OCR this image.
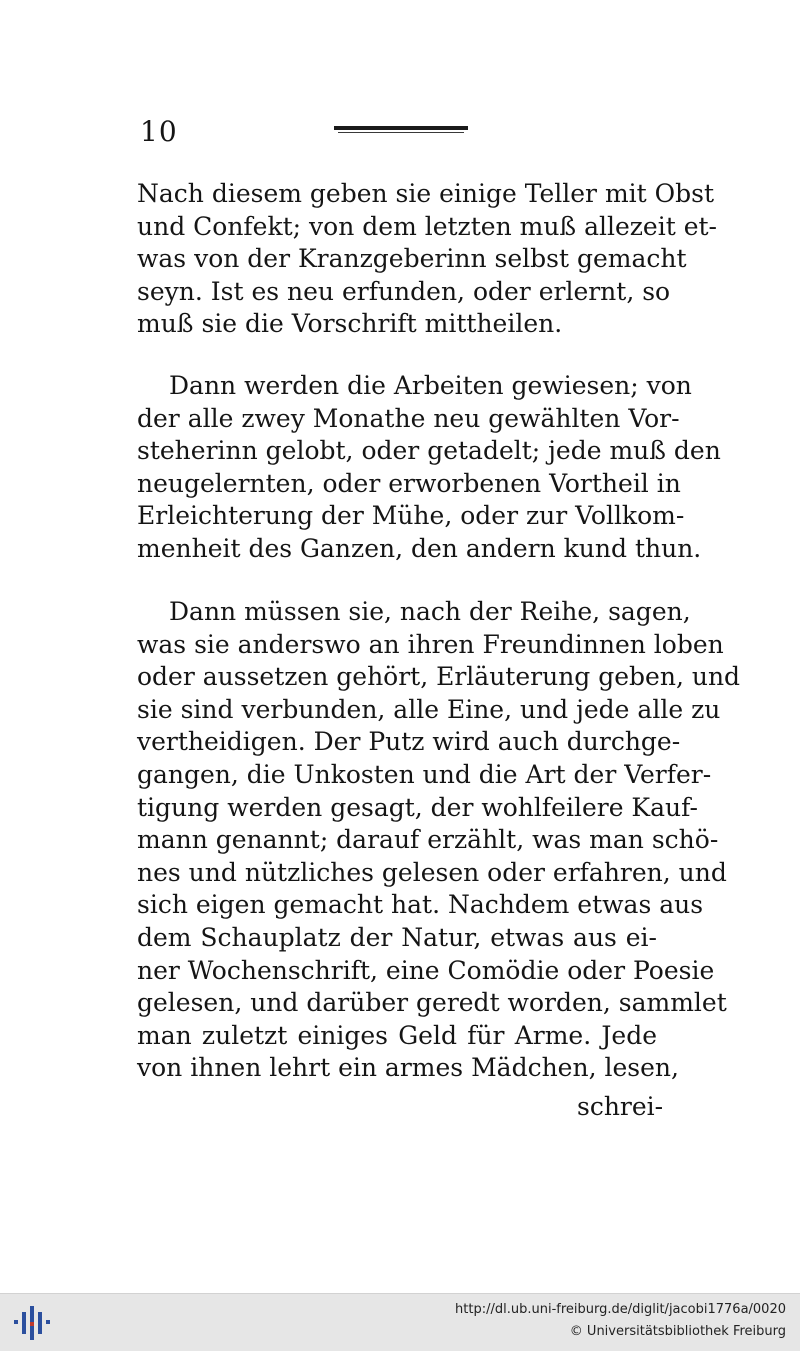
10
Nach diesem geben sie einige Teller mit Obst
und Confekt; von dem letzten muß allezeit et-
was von der Kranzgeberinn selbst gemacht
seyn. Ist es neu erfunden, oder erlernt, so
muß sie die Vorschrift mittheilen.
Dann werden die Arbeiten gewiesen; von
der alle zwey Monathe neu gewählten Vor-
steherinn gelobt, oder getadelt; jede muß den
neugelernten, oder erworbenen Vortheil in
Erleichterung der Mühe, oder zur Vollkom-
menheit des Ganzen, den andern kund thun.
Dann müssen sie, nach der Reihe, sagen,
was sie anderswo an ihren Freundinnen loben
oder aussetzen gehört, Erläuterung geben, und
sie sind verbunden, alle Eine, und jede alle zu
vertheidigen. Der Putz wird auch durchge-
gangen, die Unkosten und die Art der Verfer-
tigung werden gesagt, der wohlfeilere Kauf-
mann genannt; darauf erzählt, was man schö-
nes und nützliches gelesen oder erfahren, und
sich eigen gemacht hat. Nachdem etwas aus
dem Schauplatz der Natur, etwas aus ei-
ner Wochenschrift, eine Comödie oder Poesie
gelesen, und darüber geredt worden, sammlet
man zuletzt einiges Geld für Arme. Jede
von ihnen lehrt ein armes Mädchen, lesen,
schrei-
http://dl.ub.uni-freiburg.de/diglit/jacobi1776a/0020
© Universitätsbibliothek Freiburg
